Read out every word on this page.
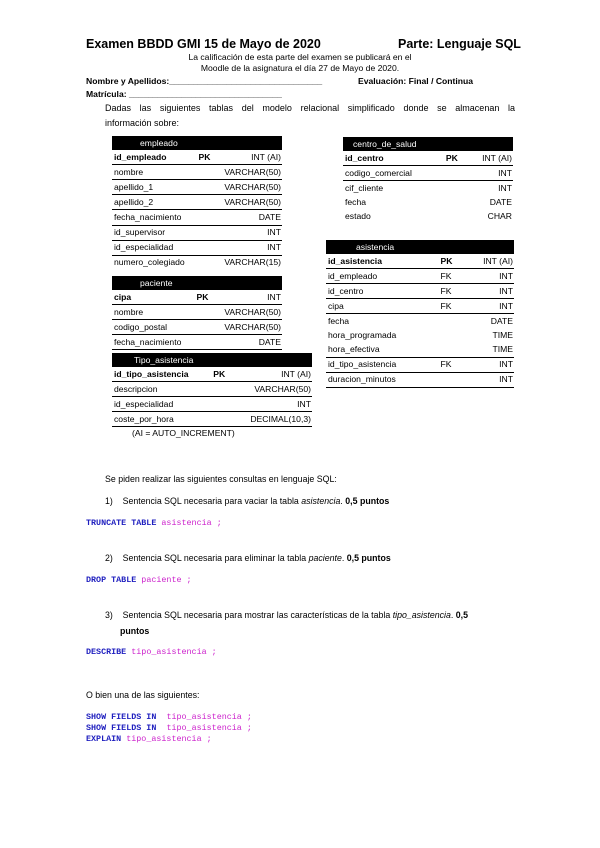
Examen BBDD GMI 15 de Mayo de 2020	Parte: Lenguaje SQL
La calificación de esta parte del examen se publicará en el
Moodle de la asignatura el día 27 de Mayo de 2020.
Nombre y Apellidos:________________________________	Evaluación: Final / Continua
Matrícula: ________________________________
Dadas las siguientes tablas del modelo relacional simplificado donde se almacenan la
información sobre:
empleado		
id_empleado	PK	INT (AI)
nombre		VARCHAR(50)
apellido_1		VARCHAR(50)
apellido_2		VARCHAR(50)
fecha_nacimiento		DATE
id_supervisor		INT
id_especialidad		INT
numero_colegiado		VARCHAR(15)
centro_de_salud		
id_centro	PK	INT (AI)
codigo_comercial		INT
cif_cliente		INT
fecha		DATE
estado		CHAR
asistencia		
id_asistencia	PK	INT (AI)
id_empleado	FK	INT
id_centro	FK	INT
cipa	FK	INT
fecha		DATE
hora_programada		TIME
hora_efectiva		TIME
id_tipo_asistencia	FK	INT
duracion_minutos		INT
paciente		
cipa	PK	INT
nombre		VARCHAR(50)
codigo_postal		VARCHAR(50)
fecha_nacimiento		DATE
Tipo_asistencia		
id_tipo_asistencia	PK	INT (AI)
descripcion		VARCHAR(50)
id_especialidad		INT
coste_por_hora		DECIMAL(10,3)
(AI = AUTO_INCREMENT)
Se piden realizar las siguientes consultas en lenguaje SQL:
1) Sentencia SQL necesaria para vaciar la tabla asistencia. 0,5 puntos
TRUNCATE TABLE asistencia ;
2) Sentencia SQL necesaria para eliminar la tabla paciente. 0,5 puntos
DROP TABLE paciente ;
3) Sentencia SQL necesaria para mostrar las características de la tabla tipo_asistencia. 0,5
puntos
DESCRIBE tipo_asistencia ;
O bien una de las siguientes:
SHOW FIELDS IN tipo_asistencia ;
SHOW FIELDS IN tipo_asistencia ;
EXPLAIN tipo_asistencia ;
